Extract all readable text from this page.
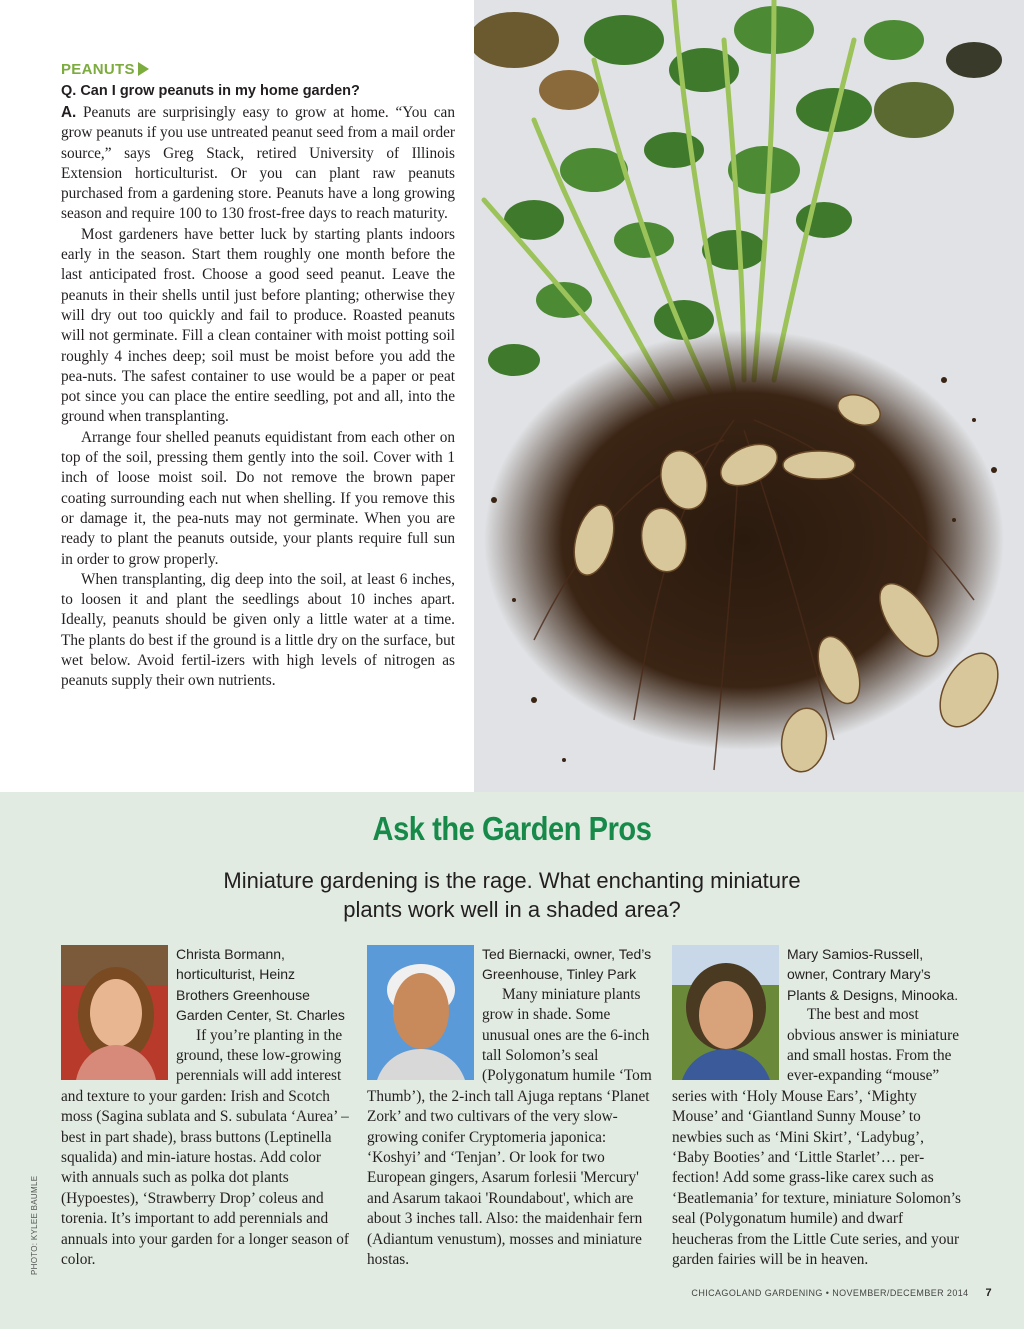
PEANUTS

Q. Can I grow peanuts in my home garden?

A. Peanuts are surprisingly easy to grow at home. “You can grow peanuts if you use untreated peanut seed from a mail order source,” says Greg Stack, retired University of Illinois Extension horticulturist. Or you can plant raw peanuts purchased from a gardening store. Peanuts have a long growing season and require 100 to 130 frost-free days to reach maturity.

Most gardeners have better luck by starting plants indoors early in the season. Start them roughly one month before the last anticipated frost. Choose a good seed peanut. Leave the peanuts in their shells until just before planting; otherwise they will dry out too quickly and fail to produce. Roasted peanuts will not germinate. Fill a clean container with moist potting soil roughly 4 inches deep; soil must be moist before you add the pea-nuts. The safest container to use would be a paper or peat pot since you can place the entire seedling, pot and all, into the ground when transplanting.

Arrange four shelled peanuts equidistant from each other on top of the soil, pressing them gently into the soil. Cover with 1 inch of loose moist soil. Do not remove the brown paper coating surrounding each nut when shelling. If you remove this or damage it, the pea-nuts may not germinate. When you are ready to plant the peanuts outside, your plants require full sun in order to grow properly.

When transplanting, dig deep into the soil, at least 6 inches, to loosen it and plant the seedlings about 10 inches apart. Ideally, peanuts should be given only a little water at a time. The plants do best if the ground is a little dry on the surface, but wet below. Avoid fertil-izers with high levels of nitrogen as peanuts supply their own nutrients.

Ask the Garden Pros

Miniature gardening is the rage. What enchanting miniature plants work well in a shaded area?

Christa Bormann, horticulturist, Heinz Brothers Greenhouse Garden Center, St. Charles

If you’re planting in the ground, these low-growing perennials will add interest and texture to your garden: Irish and Scotch moss (Sagina sublata and S. subulata ‘Aurea’ – best in part shade), brass buttons (Leptinella squalida) and min-iature hostas. Add color with annuals such as polka dot plants (Hypoestes), ‘Strawberry Drop’ coleus and torenia. It’s important to add perennials and annuals into your garden for a longer season of color.

Ted Biernacki, owner, Ted’s Greenhouse, Tinley Park

Many miniature plants grow in shade. Some unusual ones are the 6-inch tall Solomon’s seal (Polygonatum humile ‘Tom Thumb’), the 2-inch tall Ajuga reptans ‘Planet Zork’ and two cultivars of the very slow-growing conifer Cryptomeria japonica: ‘Koshyi’ and ‘Tenjan’. Or look for two European gingers, Asarum forlesii 'Mercury' and Asarum takaoi 'Roundabout', which are about 3 inches tall. Also: the maidenhair fern (Adiantum venustum), mosses and miniature hostas.

Mary Samios-Russell, owner, Contrary Mary’s Plants & Designs, Minooka.

The best and most obvious answer is miniature and small hostas. From the ever-expanding “mouse” series with ‘Holy Mouse Ears’, ‘Mighty Mouse’ and ‘Giantland Sunny Mouse’ to newbies such as ‘Mini Skirt’, ‘Ladybug’, ‘Baby Booties’ and ‘Little Starlet’… per-fection! Add some grass-like carex such as ‘Beatlemania’ for texture, miniature Solomon’s seal (Polygonatum humile) and dwarf heucheras from the Little Cute series, and your garden fairies will be in heaven.

PHOTO: KYLEE BAUMLE
CHICAGOLAND GARDENING • NOVEMBER/DECEMBER 2014 7
